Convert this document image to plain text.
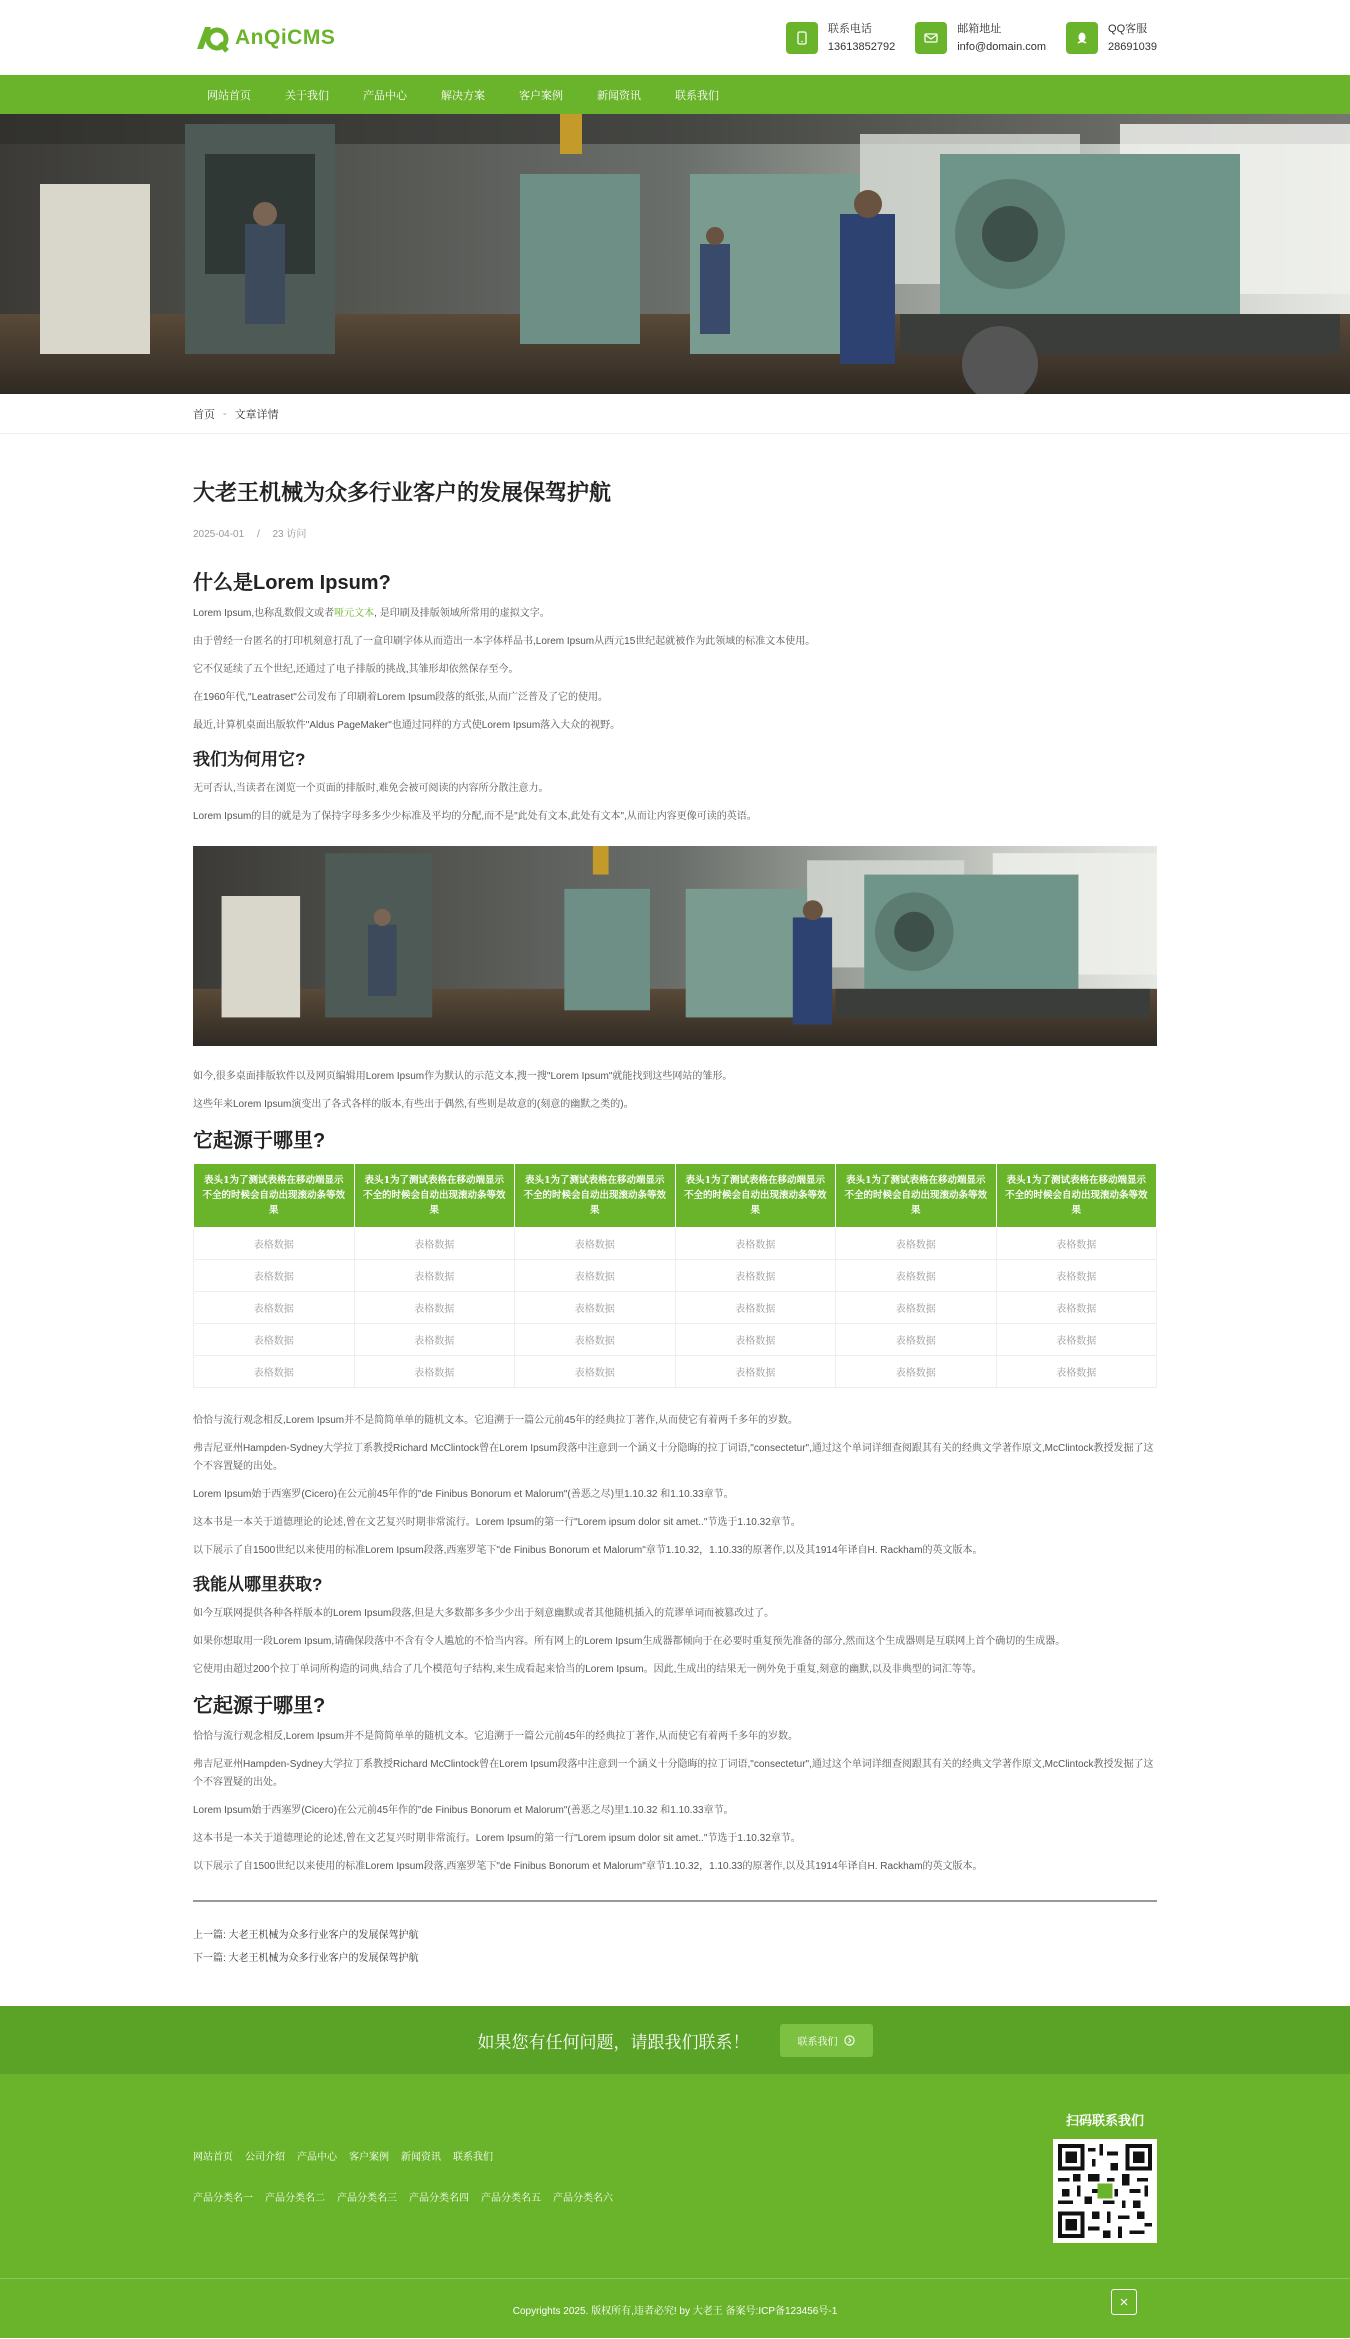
AnQiCMS	联系电话
13613852792
邮箱地址
info@domain.com
QQ客服
28691039
网站首页	关于我们	产品中心	解决方案	客户案例	新闻资讯	联系我们
首页 - 文章详情
大老王机械为众多行业客户的发展保驾护航
2025-04-01 / 23 访问
什么是Lorem Ipsum?

Lorem Ipsum,也称乱数假文或者哑元文本, 是印刷及排版领域所常用的虚拟文字。

由于曾经一台匿名的打印机刻意打乱了一盒印刷字体从而造出一本字体样品书,Lorem Ipsum从西元15世纪起就被作为此领域的标准文本使用。

它不仅延续了五个世纪,还通过了电子排版的挑战,其雏形却依然保存至今。

在1960年代,"Leatraset"公司发布了印刷着Lorem Ipsum段落的纸张,从而广泛普及了它的使用。

最近,计算机桌面出版软件"Aldus PageMaker"也通过同样的方式使Lorem Ipsum落入大众的视野。

我们为何用它?

无可否认,当读者在浏览一个页面的排版时,难免会被可阅读的内容所分散注意力。

Lorem Ipsum的目的就是为了保持字母多多少少标准及平均的分配,而不是"此处有文本,此处有文本",从而让内容更像可读的英语。

如今,很多桌面排版软件以及网页编辑用Lorem Ipsum作为默认的示范文本,搜一搜"Lorem Ipsum"就能找到这些网站的雏形。

这些年来Lorem Ipsum演变出了各式各样的版本,有些出于偶然,有些则是故意的(刻意的幽默之类的)。

它起源于哪里?
表头1为了测试表格在移动端显示不全的时候会自动出现滚动条等效果	表头1为了测试表格在移动端显示不全的时候会自动出现滚动条等效果	表头1为了测试表格在移动端显示不全的时候会自动出现滚动条等效果	表头1为了测试表格在移动端显示不全的时候会自动出现滚动条等效果	表头1为了测试表格在移动端显示不全的时候会自动出现滚动条等效果	表头1为了测试表格在移动端显示不全的时候会自动出现滚动条等效果
表格数据	表格数据	表格数据	表格数据	表格数据	表格数据
表格数据	表格数据	表格数据	表格数据	表格数据	表格数据
表格数据	表格数据	表格数据	表格数据	表格数据	表格数据
表格数据	表格数据	表格数据	表格数据	表格数据	表格数据
表格数据	表格数据	表格数据	表格数据	表格数据	表格数据

恰恰与流行观念相反,Lorem Ipsum并不是简简单单的随机文本。它追溯于一篇公元前45年的经典拉丁著作,从而使它有着两千多年的岁数。

弗吉尼亚州Hampden-Sydney大学拉丁系教授Richard McClintock曾在Lorem Ipsum段落中注意到一个涵义十分隐晦的拉丁词语,"consectetur",通过这个单词详细查阅跟其有关的经典文学著作原文,McClintock教授发掘了这个不容置疑的出处。

Lorem Ipsum始于西塞罗(Cicero)在公元前45年作的"de Finibus Bonorum et Malorum"(善恶之尽)里1.10.32 和1.10.33章节。

这本书是一本关于道德理论的论述,曾在文艺复兴时期非常流行。Lorem Ipsum的第一行"Lorem ipsum dolor sit amet.."节选于1.10.32章节。

以下展示了自1500世纪以来使用的标准Lorem Ipsum段落,西塞罗笔下"de Finibus Bonorum et Malorum"章节1.10.32，1.10.33的原著作,以及其1914年译自H. Rackham的英文版本。

我能从哪里获取?

如今互联网提供各种各样版本的Lorem Ipsum段落,但是大多数都多多少少出于刻意幽默或者其他随机插入的荒谬单词而被篡改过了。

如果你想取用一段Lorem Ipsum,请确保段落中不含有令人尴尬的不恰当内容。所有网上的Lorem Ipsum生成器都倾向于在必要时重复预先准备的部分,然而这个生成器则是互联网上首个确切的生成器。

它使用由超过200个拉丁单词所构造的词典,结合了几个模范句子结构,来生成看起来恰当的Lorem Ipsum。因此,生成出的结果无一例外免于重复,刻意的幽默,以及非典型的词汇等等。

它起源于哪里?

恰恰与流行观念相反,Lorem Ipsum并不是简简单单的随机文本。它追溯于一篇公元前45年的经典拉丁著作,从而使它有着两千多年的岁数。

弗吉尼亚州Hampden-Sydney大学拉丁系教授Richard McClintock曾在Lorem Ipsum段落中注意到一个涵义十分隐晦的拉丁词语,"consectetur",通过这个单词详细查阅跟其有关的经典文学著作原文,McClintock教授发掘了这个不容置疑的出处。

Lorem Ipsum始于西塞罗(Cicero)在公元前45年作的"de Finibus Bonorum et Malorum"(善恶之尽)里1.10.32 和1.10.33章节。

这本书是一本关于道德理论的论述,曾在文艺复兴时期非常流行。Lorem Ipsum的第一行"Lorem ipsum dolor sit amet.."节选于1.10.32章节。

以下展示了自1500世纪以来使用的标准Lorem Ipsum段落,西塞罗笔下"de Finibus Bonorum et Malorum"章节1.10.32，1.10.33的原著作,以及其1914年译自H. Rackham的英文版本。

上一篇: 大老王机械为众多行业客户的发展保驾护航
下一篇: 大老王机械为众多行业客户的发展保驾护航
如果您有任何问题，请跟我们联系！	联系我们
网站首页 公司介绍 产品中心 客户案例 新闻资讯 联系我们
产品分类名一 产品分类名二 产品分类名三 产品分类名四 产品分类名五 产品分类名六
扫码联系我们
Copyrights 2025. 版权所有,违者必究! by 大老王 备案号:ICP备123456号-1
